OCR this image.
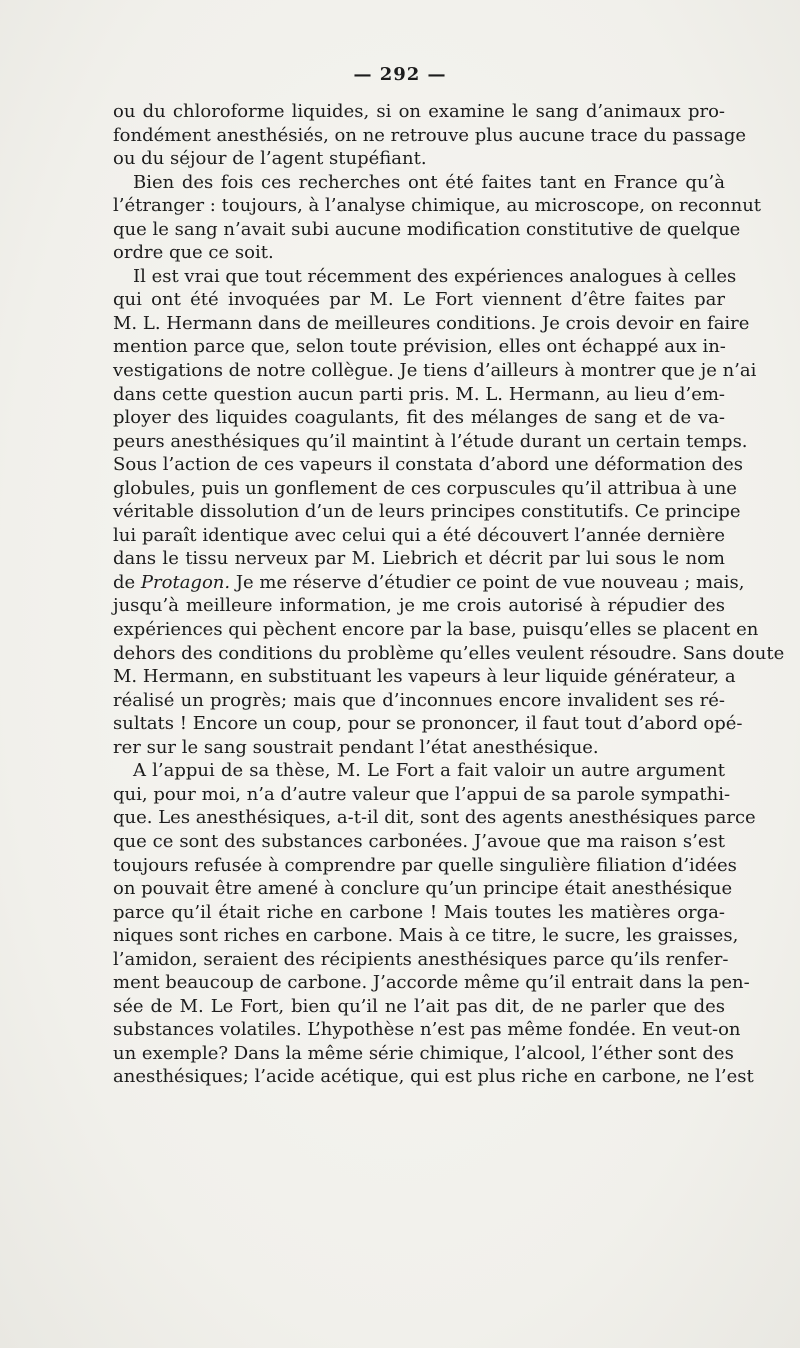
— 292 —
ou du chloroforme liquides, si on examine le sang d’animaux pro-
fondément anesthésiés, on ne retrouve plus aucune trace du passage
ou du séjour de l’agent stupéfiant.
Bien des fois ces recherches ont été faites tant en France qu’à
l’étranger : toujours, à l’analyse chimique, au microscope, on reconnut
que le sang n’avait subi aucune modification constitutive de quelque
ordre que ce soit.
Il est vrai que tout récemment des expériences analogues à celles
qui ont été invoquées par M. Le Fort viennent d’être faites par
M. L. Hermann dans de meilleures conditions. Je crois devoir en faire
mention parce que, selon toute prévision, elles ont échappé aux in-
vestigations de notre collègue. Je tiens d’ailleurs à montrer que je n’ai
dans cette question aucun parti pris. M. L. Hermann, au lieu d’em-
ployer des liquides coagulants, fit des mélanges de sang et de va-
peurs anesthésiques qu’il maintint à l’étude durant un certain temps.
Sous l’action de ces vapeurs il constata d’abord une déformation des
globules, puis un gonflement de ces corpuscules qu’il attribua à une
véritable dissolution d’un de leurs principes constitutifs. Ce principe
lui paraît identique avec celui qui a été découvert l’année dernière
dans le tissu nerveux par M. Liebrich et décrit par lui sous le nom
de Protagon. Je me réserve d’étudier ce point de vue nouveau ; mais,
jusqu’à meilleure information, je me crois autorisé à répudier des
expériences qui pèchent encore par la base, puisqu’elles se placent en
dehors des conditions du problème qu’elles veulent résoudre. Sans doute
M. Hermann, en substituant les vapeurs à leur liquide générateur, a
réalisé un progrès; mais que d’inconnues encore invalident ses ré-
sultats ! Encore un coup, pour se prononcer, il faut tout d’abord opé-
rer sur le sang soustrait pendant l’état anesthésique.
A l’appui de sa thèse, M. Le Fort a fait valoir un autre argument
qui, pour moi, n’a d’autre valeur que l’appui de sa parole sympathi-
que. Les anesthésiques, a-t-il dit, sont des agents anesthésiques parce
que ce sont des substances carbonées. J’avoue que ma raison s’est
toujours refusée à comprendre par quelle singulière filiation d’idées
on pouvait être amené à conclure qu’un principe était anesthésique
parce qu’il était riche en carbone ! Mais toutes les matières orga-
niques sont riches en carbone. Mais à ce titre, le sucre, les graisses,
l’amidon, seraient des récipients anesthésiques parce qu’ils renfer-
ment beaucoup de carbone. J’accorde même qu’il entrait dans la pen-
sée de M. Le Fort, bien qu’il ne l’ait pas dit, de ne parler que des
substances volatiles. L’hypothèse n’est pas même fondée. En veut-on
un exemple? Dans la même série chimique, l’alcool, l’éther sont des
anesthésiques; l’acide acétique, qui est plus riche en carbone, ne l’est
